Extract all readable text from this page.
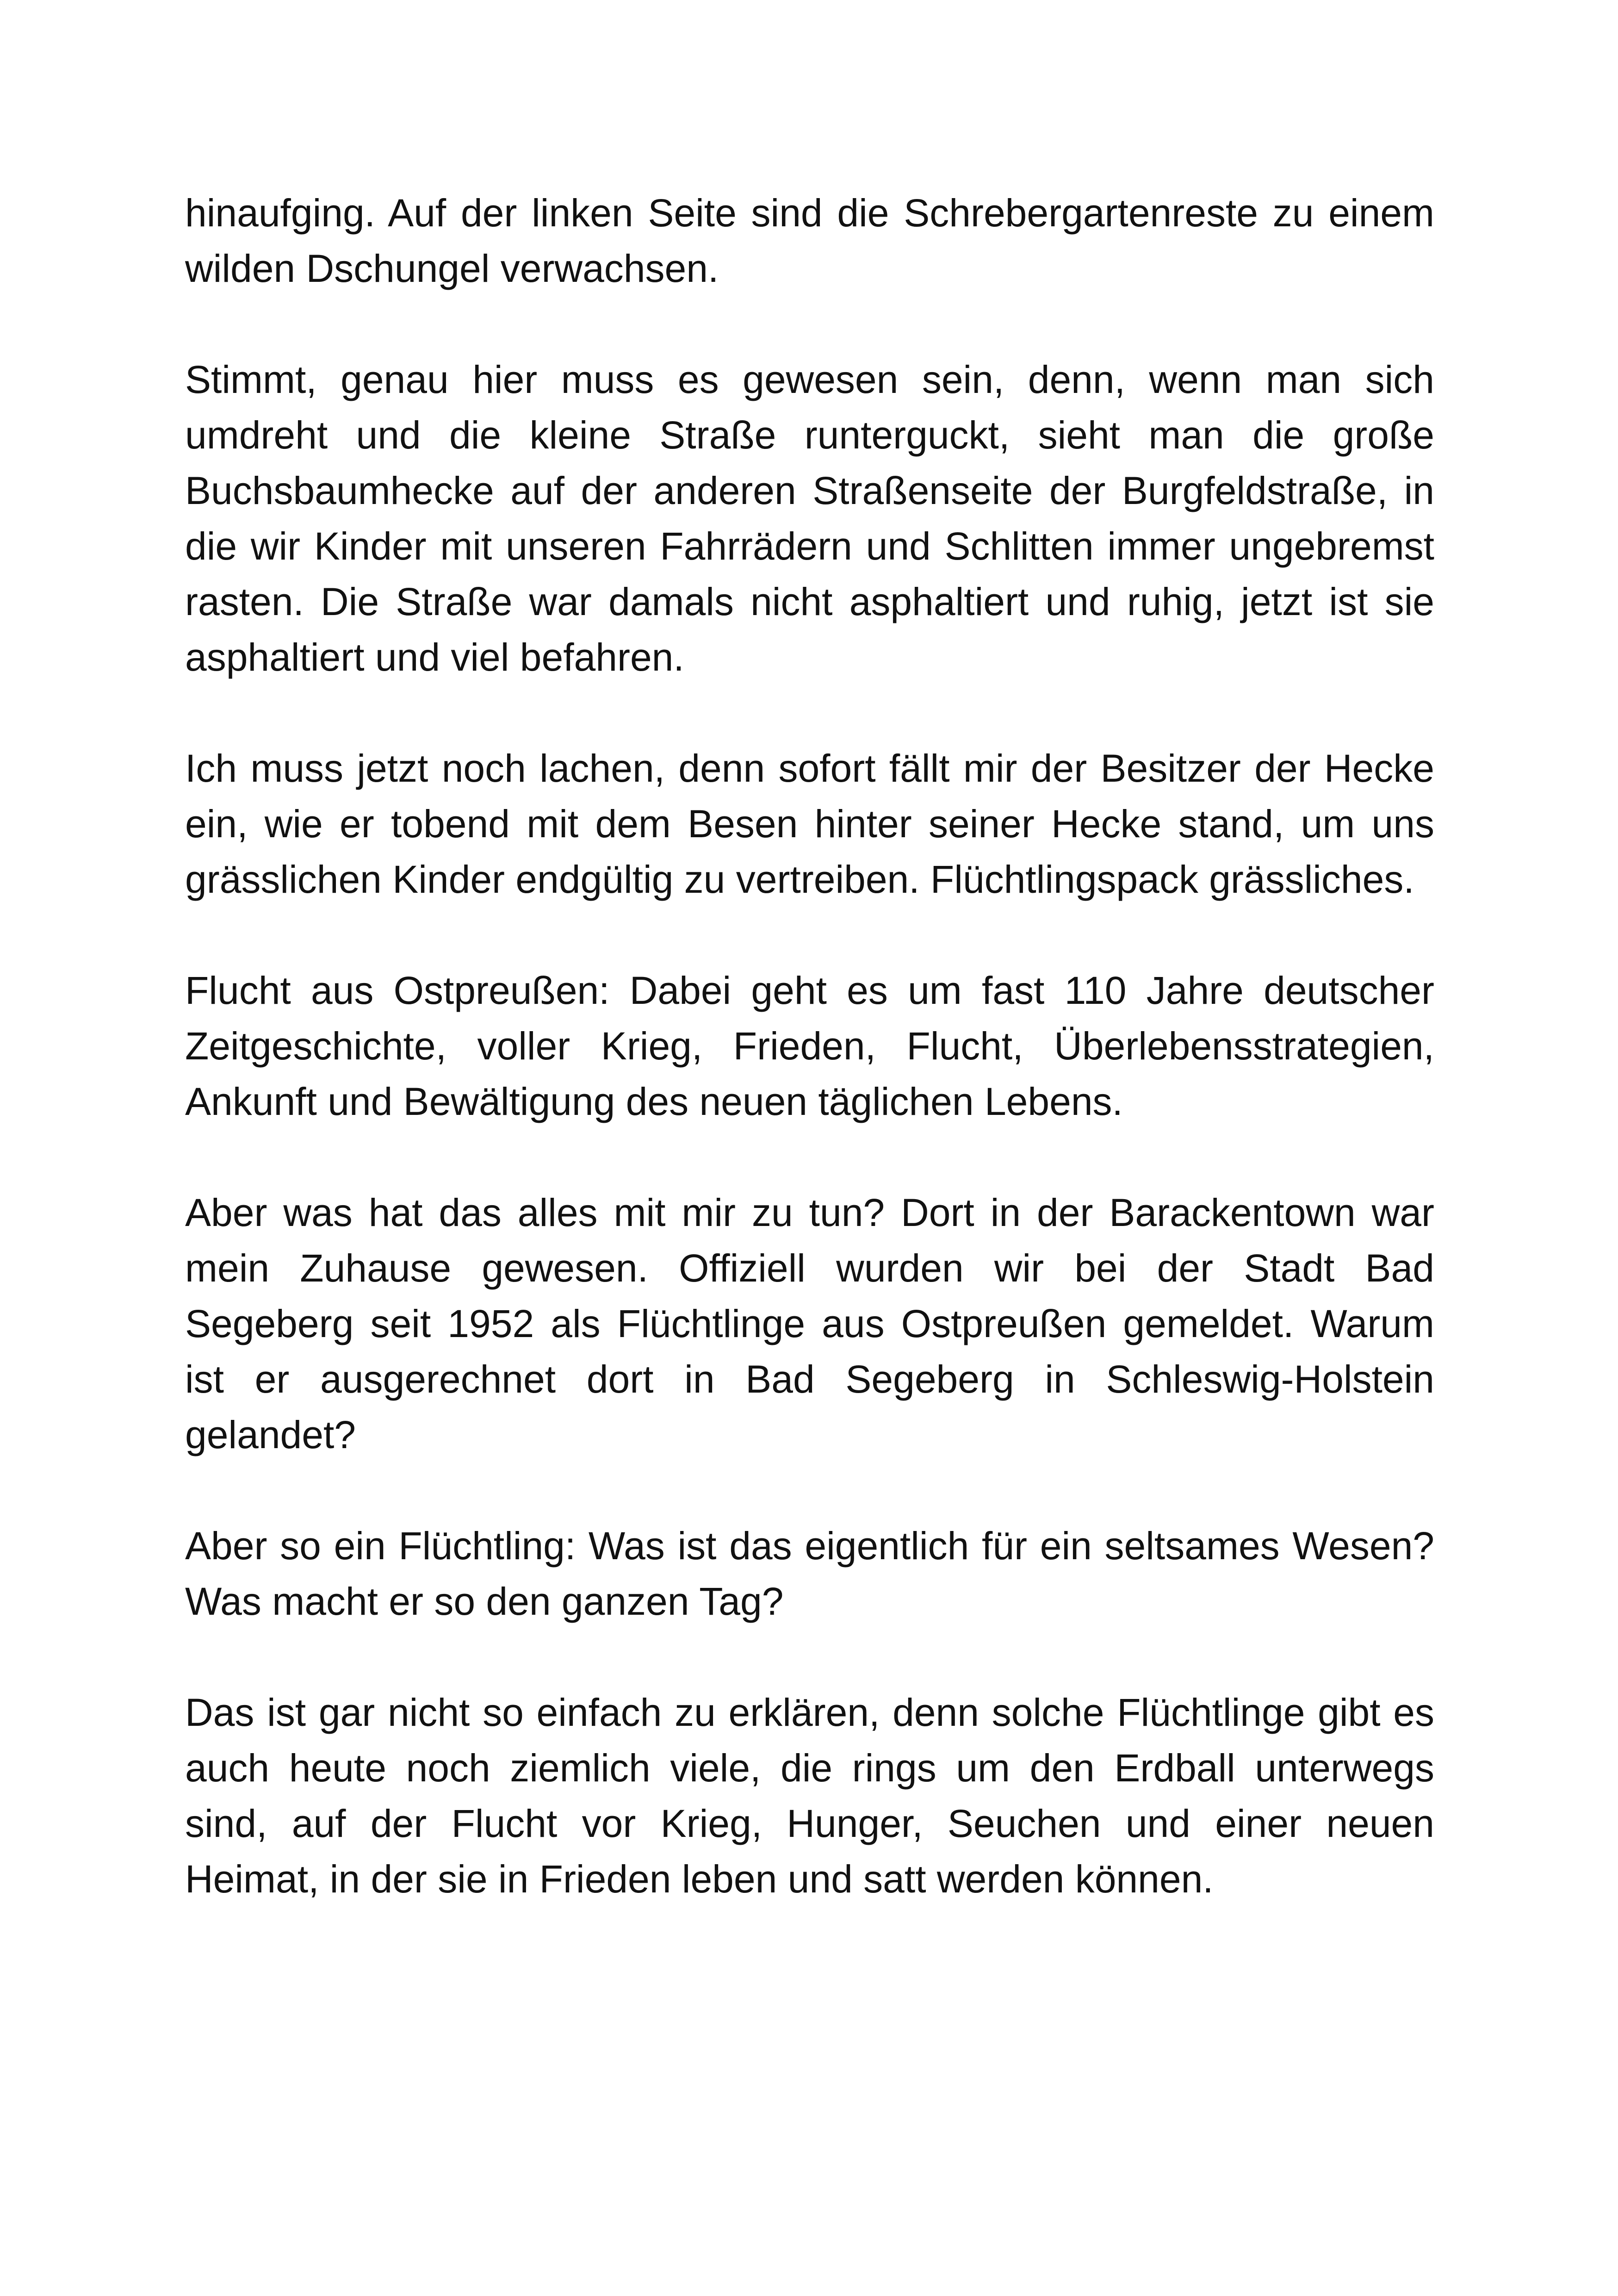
hinaufging. Auf der linken Seite sind die Schrebergartenreste zu einem wilden Dschungel verwachsen.

Stimmt, genau hier muss es gewesen sein, denn, wenn man sich umdreht und die kleine Straße runterguckt, sieht man die große Buchsbaumhecke auf der anderen Straßenseite der Burgfeldstraße, in die wir Kinder mit unseren Fahrrädern und Schlitten immer ungebremst rasten. Die Straße war damals nicht asphaltiert und ruhig, jetzt ist sie asphaltiert und viel befahren.

Ich muss jetzt noch lachen, denn sofort fällt mir der Besitzer der Hecke ein, wie er tobend mit dem Besen hinter seiner Hecke stand, um uns grässlichen Kinder endgültig zu vertreiben. Flüchtlingspack grässliches.

Flucht aus Ostpreußen: Dabei geht es um fast 110 Jahre deutscher Zeitgeschichte, voller Krieg, Frieden, Flucht, Überlebensstrategien, Ankunft und Bewältigung des neuen täglichen Lebens.

Aber was hat das alles mit mir zu tun? Dort in der Barackentown war mein Zuhause gewesen. Offiziell wurden wir bei der Stadt Bad Segeberg seit 1952 als Flüchtlinge aus Ostpreußen gemeldet. Warum ist er ausgerechnet dort in Bad Segeberg in Schleswig-Holstein gelandet?

Aber so ein Flüchtling: Was ist das eigentlich für ein seltsames Wesen? Was macht er so den ganzen Tag?

Das ist gar nicht so einfach zu erklären, denn solche Flüchtlinge gibt es auch heute noch ziemlich viele, die rings um den Erdball unterwegs sind, auf der Flucht vor Krieg, Hunger, Seuchen und einer neuen Heimat, in der sie in Frieden leben und satt werden können.
